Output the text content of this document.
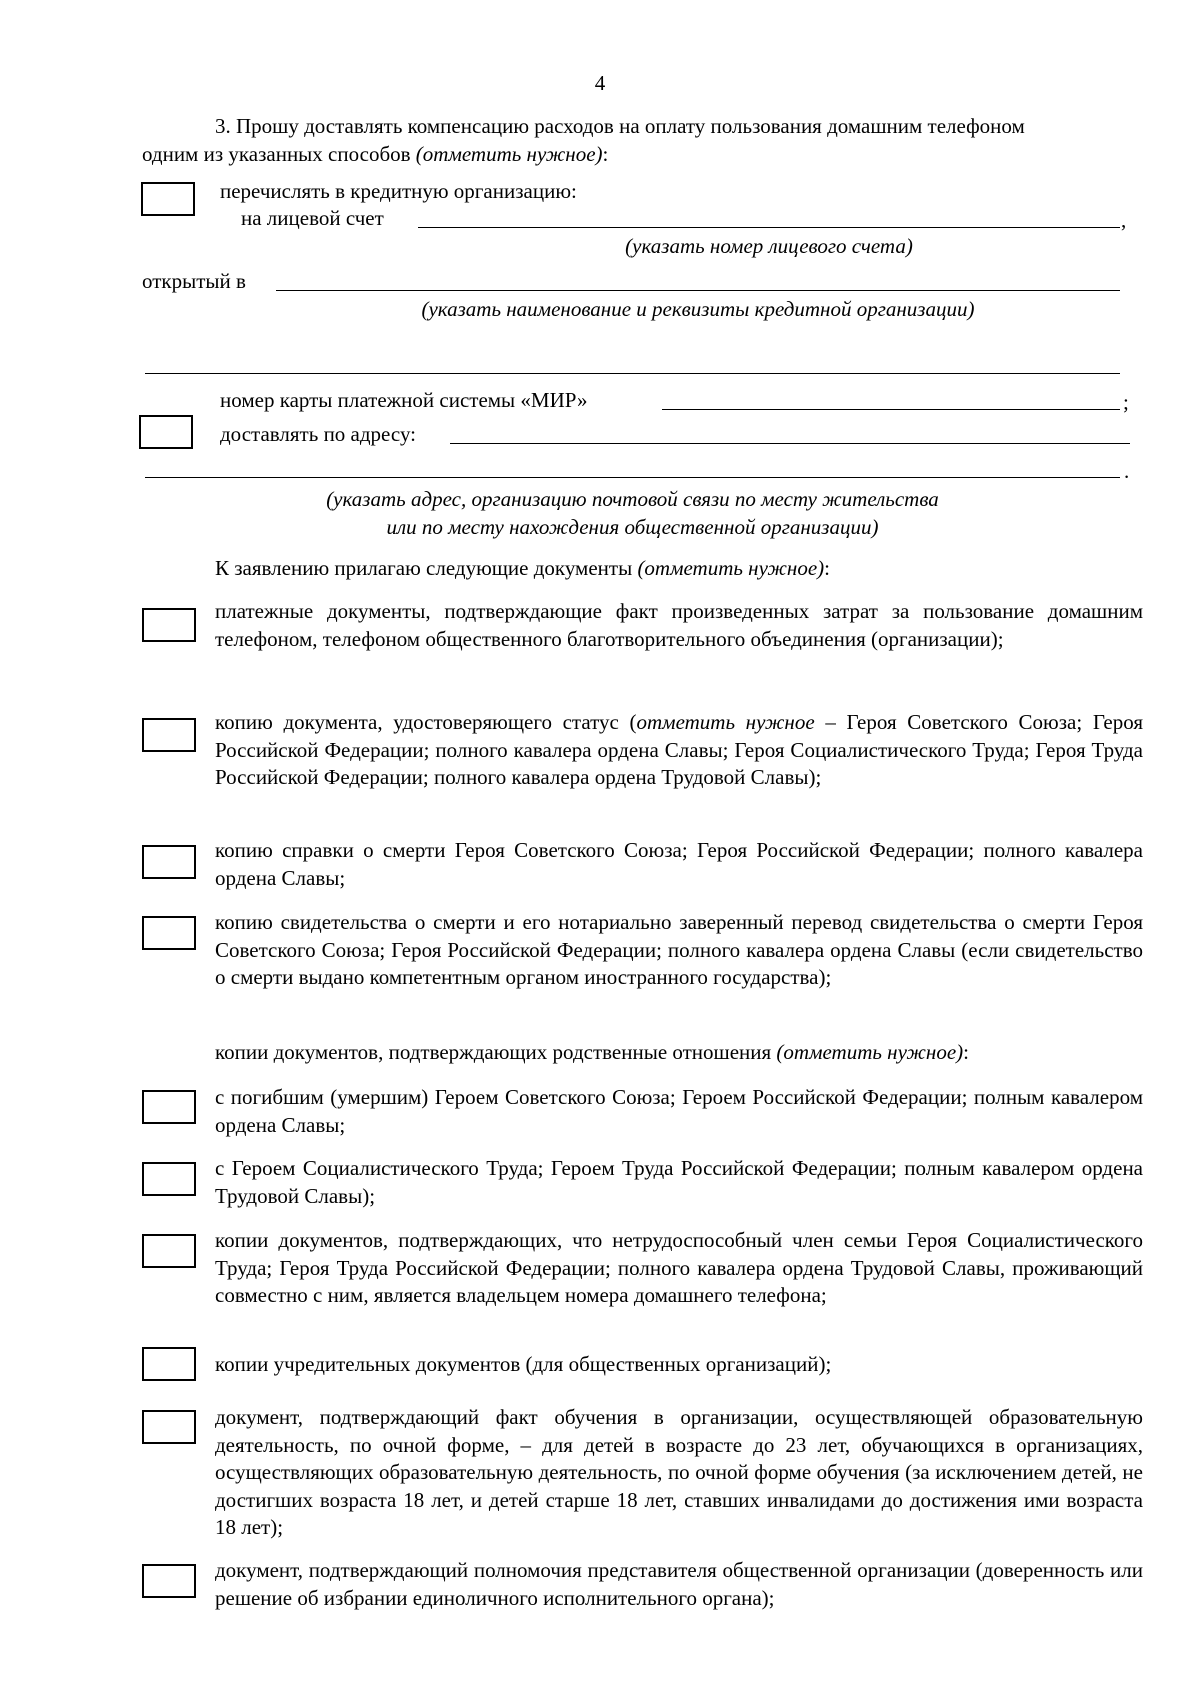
4
3. Прошу доставлять компенсацию расходов на оплату пользования домашним телефоном
одним из указанных способов (отметить нужное):
перечислять в кредитную организацию:
на лицевой счет	,
(указать номер лицевого счета)
открытый в
(указать наименование и реквизиты кредитной организации)
номер карты платежной системы «МИР»	;
доставлять по адресу:
.
(указать адрес, организацию почтовой связи по месту жительства
или по месту нахождения общественной организации)
К заявлению прилагаю следующие документы (отметить нужное):
платежные документы, подтверждающие факт произведенных затрат за пользование домашним телефоном, телефоном общественного благотворительного объединения (организации);
копию документа, удостоверяющего статус (отметить нужное – Героя Советского Союза; Героя Российской Федерации; полного кавалера ордена Славы; Героя Социалистического Труда; Героя Труда Российской Федерации; полного кавалера ордена Трудовой Славы);
копию справки о смерти Героя Советского Союза; Героя Российской Федерации; полного кавалера ордена Славы;
копию свидетельства о смерти и его нотариально заверенный перевод свидетельства о смерти Героя Советского Союза; Героя Российской Федерации; полного кавалера ордена Славы (если свидетельство о смерти выдано компетентным органом иностранного государства);
копии документов, подтверждающих родственные отношения (отметить нужное):
с погибшим (умершим) Героем Советского Союза; Героем Российской Федерации; полным кавалером ордена Славы;
с Героем Социалистического Труда; Героем Труда Российской Федерации; полным кавалером ордена Трудовой Славы);
копии документов, подтверждающих, что нетрудоспособный член семьи Героя Социалистического Труда; Героя Труда Российской Федерации; полного кавалера ордена Трудовой Славы, проживающий совместно с ним, является владельцем номера домашнего телефона;
копии учредительных документов (для общественных организаций);
документ, подтверждающий факт обучения в организации, осуществляющей образовательную деятельность, по очной форме, – для детей в возрасте до 23 лет, обучающихся в организациях, осуществляющих образовательную деятельность, по очной форме обучения (за исключением детей, не достигших возраста 18 лет, и детей старше 18 лет, ставших инвалидами до достижения ими возраста 18 лет);
документ, подтверждающий полномочия представителя общественной организации (доверенность или решение об избрании единоличного исполнительного органа);
